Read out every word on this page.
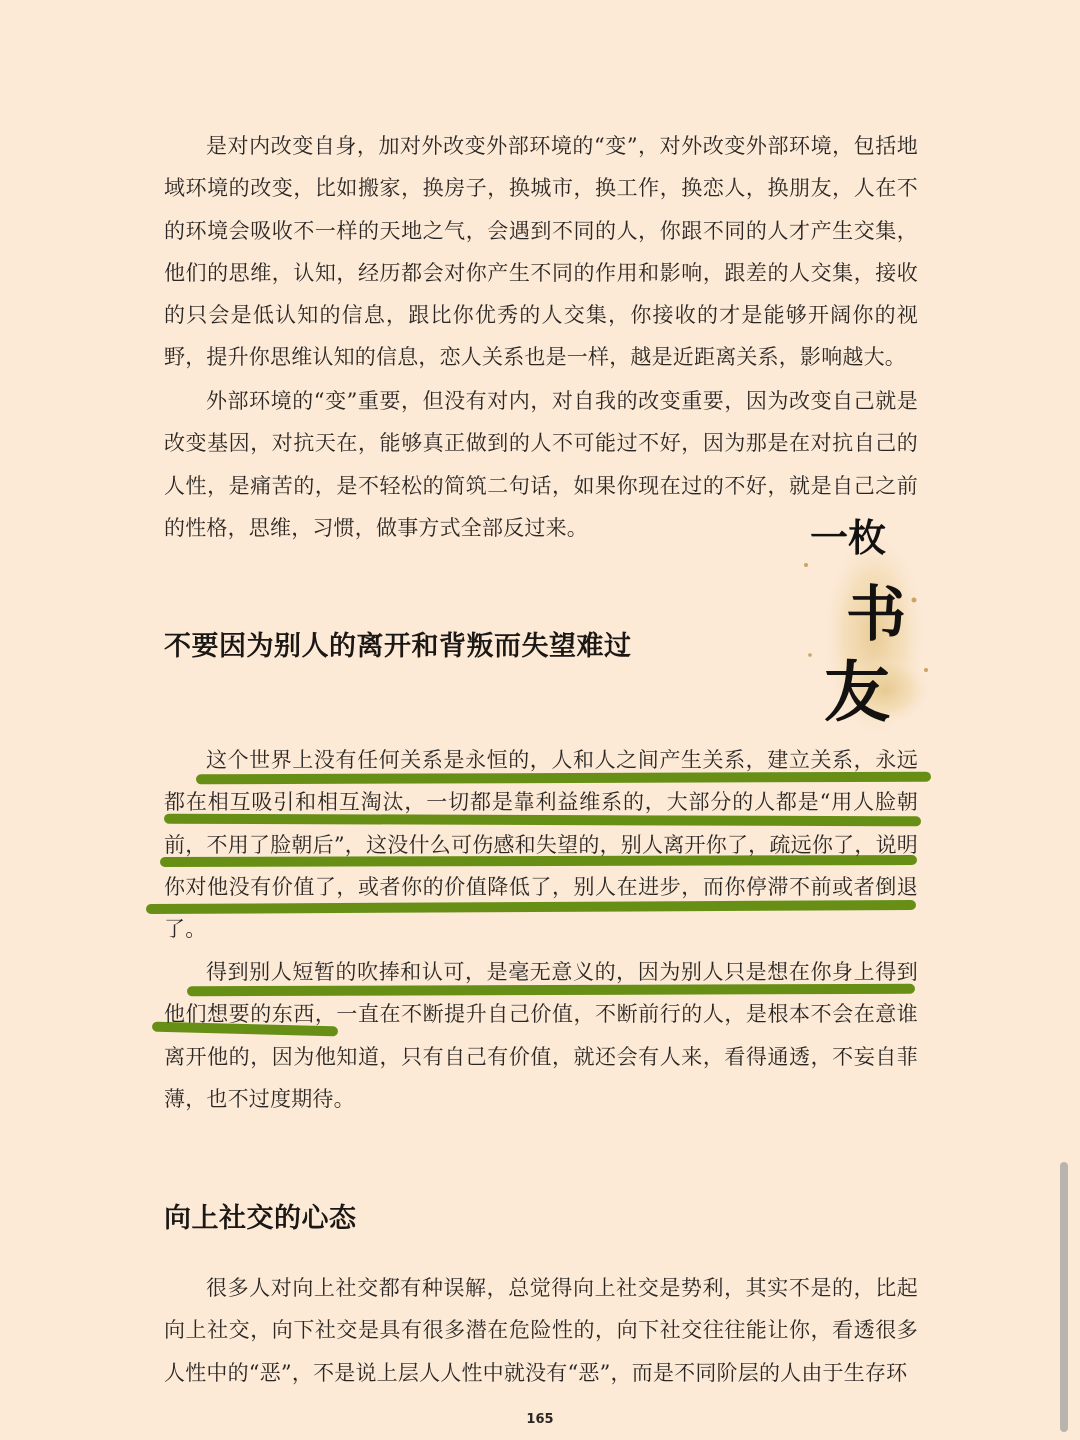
是对内改变自身，加对外改变外部环境的“变”，对外改变外部环境，包括地域环境的改变，比如搬家，换房子，换城市，换工作，换恋人，换朋友，人在不的环境会吸收不一样的天地之气，会遇到不同的人，你跟不同的人才产生交集，他们的思维，认知，经历都会对你产生不同的作用和影响，跟差的人交集，接收的只会是低认知的信息，跟比你优秀的人交集，你接收的才是能够开阔你的视野，提升你思维认知的信息，恋人关系也是一样，越是近距离关系，影响越大。

外部环境的“变”重要，但没有对内，对自我的改变重要，因为改变自己就是改变基因，对抗天在，能够真正做到的人不可能过不好，因为那是在对抗自己的人性，是痛苦的，是不轻松的简筑二句话，如果你现在过的不好，就是自己之前的性格，思维，习惯，做事方式全部反过来。

不要因为别人的离开和背叛而失望难过
一枚
书
友

这个世界上没有任何关系是永恒的，人和人之间产生关系，建立关系，永远都在相互吸引和相互淘汰，一切都是靠利益维系的，大部分的人都是“用人脸朝前，不用了脸朝后”，这没什么可伤感和失望的，别人离开你了，疏远你了，说明你对他没有价值了，或者你的价值降低了，别人在进步，而你停滞不前或者倒退了。

得到别人短暂的吹捧和认可，是毫无意义的，因为别人只是想在你身上得到他们想要的东西，一直在不断提升自己价值，不断前行的人，是根本不会在意谁离开他的，因为他知道，只有自己有价值，就还会有人来，看得通透，不妄自菲薄，也不过度期待。

向上社交的心态

很多人对向上社交都有种误解，总觉得向上社交是势利，其实不是的，比起向上社交，向下社交是具有很多潜在危险性的，向下社交往往能让你，看透很多人性中的“恶”，不是说上层人人性中就没有“恶”，而是不同阶层的人由于生存环

165
